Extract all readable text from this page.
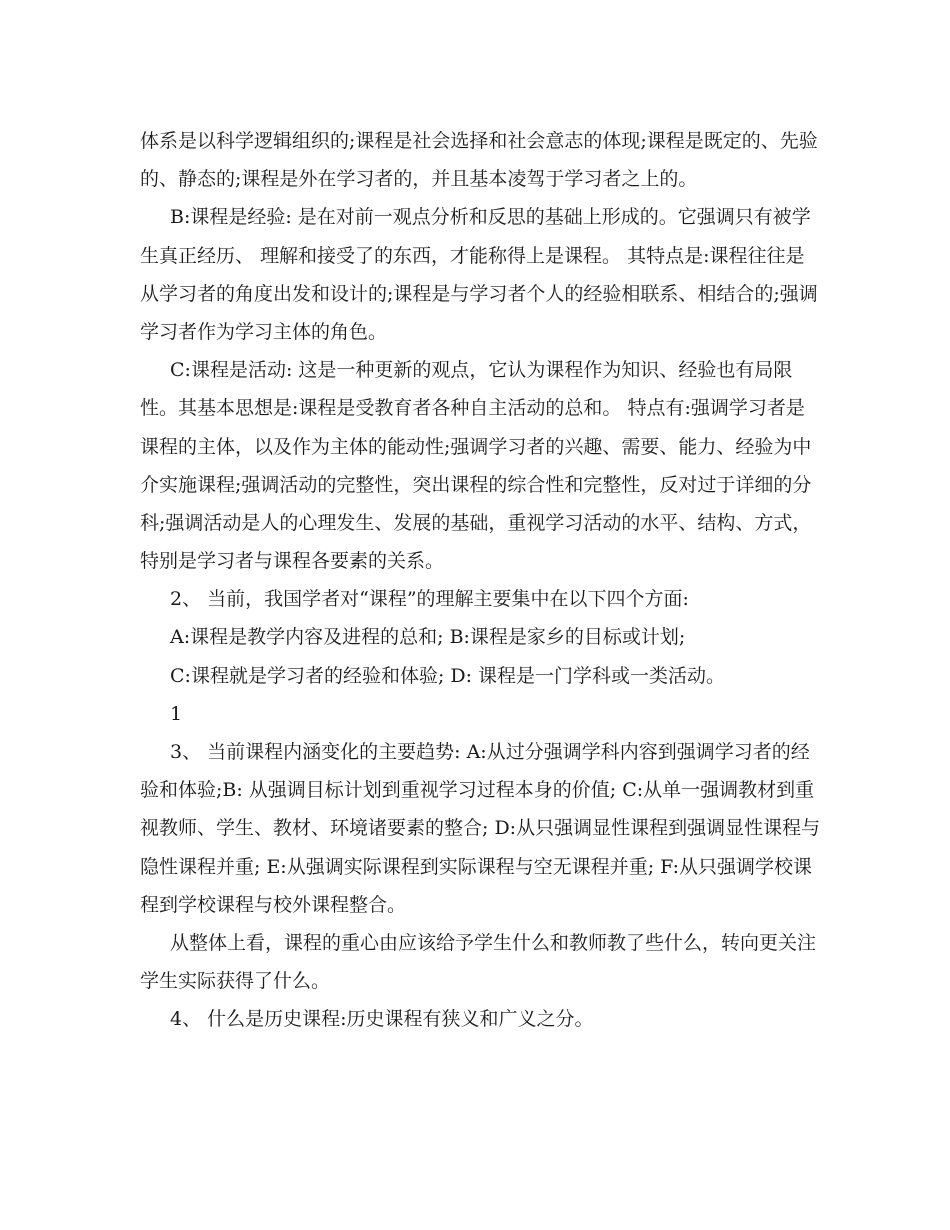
体系是以科学逻辑组织的;课程是社会选择和社会意志的体现;课程是既定的、先验
的、静态的;课程是外在学习者的，并且基本凌驾于学习者之上的。
B:课程是经验: 是在对前一观点分析和反思的基础上形成的。它强调只有被学
生真正经历、 理解和接受了的东西，才能称得上是课程。 其特点是:课程往往是
从学习者的角度出发和设计的;课程是与学习者个人的经验相联系、相结合的;强调
学习者作为学习主体的角色。
C:课程是活动: 这是一种更新的观点，它认为课程作为知识、经验也有局限
性。其基本思想是:课程是受教育者各种自主活动的总和。 特点有:强调学习者是
课程的主体，以及作为主体的能动性;强调学习者的兴趣、需要、能力、经验为中
介实施课程;强调活动的完整性，突出课程的综合性和完整性，反对过于详细的分
科;强调活动是人的心理发生、发展的基础，重视学习活动的水平、结构、方式，
特别是学习者与课程各要素的关系。
2、 当前，我国学者对“课程”的理解主要集中在以下四个方面:
A:课程是教学内容及进程的总和; B:课程是家乡的目标或计划;
C:课程就是学习者的经验和体验; D: 课程是一门学科或一类活动。
1
3、 当前课程内涵变化的主要趋势: A:从过分强调学科内容到强调学习者的经
验和体验;B: 从强调目标计划到重视学习过程本身的价值; C:从单一强调教材到重
视教师、学生、教材、环境诸要素的整合; D:从只强调显性课程到强调显性课程与
隐性课程并重; E:从强调实际课程到实际课程与空无课程并重; F:从只强调学校课
程到学校课程与校外课程整合。
从整体上看，课程的重心由应该给予学生什么和教师教了些什么，转向更关注
学生实际获得了什么。
4、 什么是历史课程:历史课程有狭义和广义之分。
